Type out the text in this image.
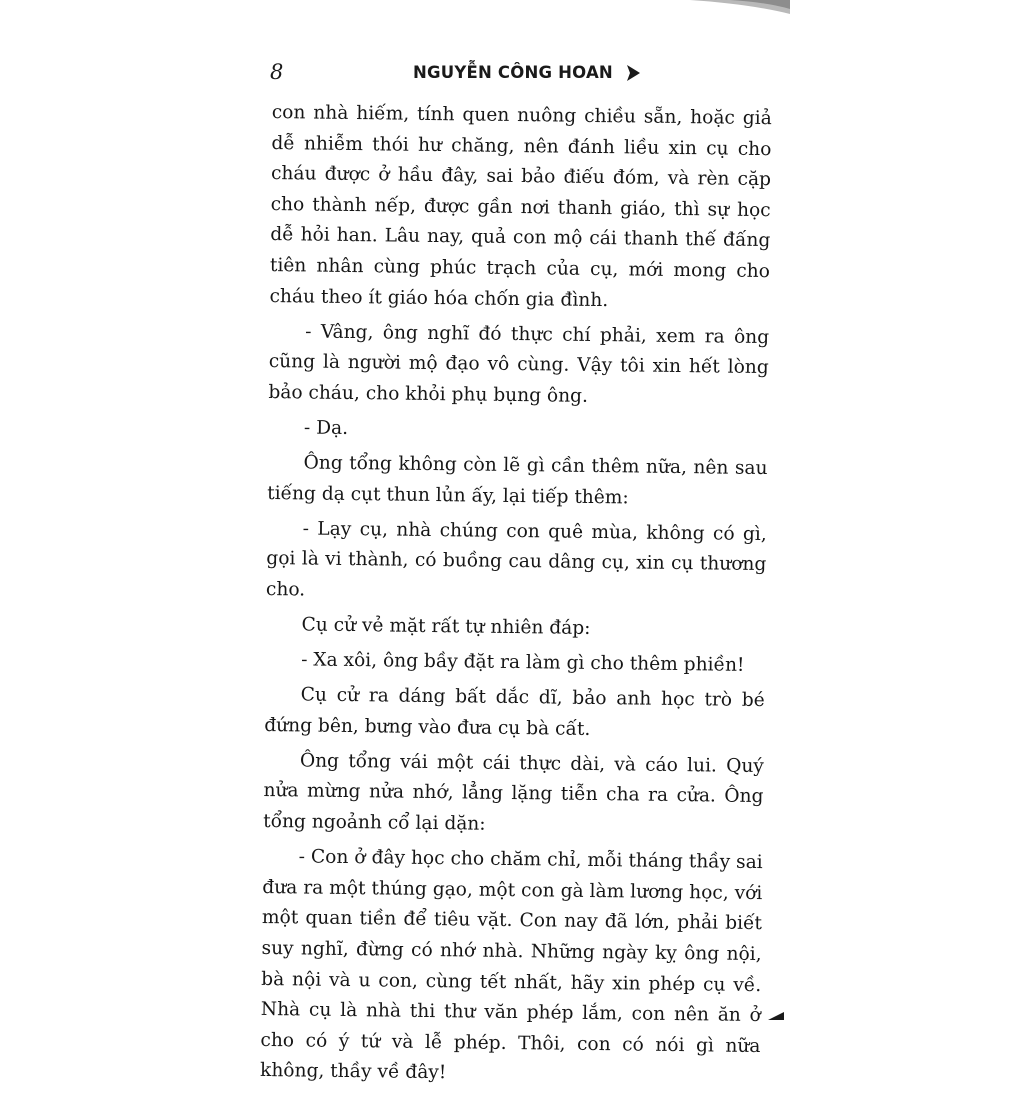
8	NGUYỄN CÔNG HOAN

con nhà hiếm, tính quen nuông chiều sẵn, hoặc giả dễ nhiễm thói hư chăng, nên đánh liều xin cụ cho cháu được ở hầu đây, sai bảo điếu đóm, và rèn cặp cho thành nếp, được gần nơi thanh giáo, thì sự học dễ hỏi han. Lâu nay, quả con mộ cái thanh thế đấng tiên nhân cùng phúc trạch của cụ, mới mong cho cháu theo ít giáo hóa chốn gia đình.

- Vâng, ông nghĩ đó thực chí phải, xem ra ông cũng là người mộ đạo vô cùng. Vậy tôi xin hết lòng bảo cháu, cho khỏi phụ bụng ông.

- Dạ.

Ông tổng không còn lẽ gì cần thêm nữa, nên sau tiếng dạ cụt thun lủn ấy, lại tiếp thêm:

- Lạy cụ, nhà chúng con quê mùa, không có gì, gọi là vi thành, có buồng cau dâng cụ, xin cụ thương cho.

Cụ cử vẻ mặt rất tự nhiên đáp:

- Xa xôi, ông bầy đặt ra làm gì cho thêm phiền!

Cụ cử ra dáng bất dắc dĩ, bảo anh học trò bé đứng bên, bưng vào đưa cụ bà cất.

Ông tổng vái một cái thực dài, và cáo lui. Quý nửa mừng nửa nhớ, lẳng lặng tiễn cha ra cửa. Ông tổng ngoảnh cổ lại dặn:

- Con ở đây học cho chăm chỉ, mỗi tháng thầy sai đưa ra một thúng gạo, một con gà làm lương học, với một quan tiền để tiêu vặt. Con nay đã lớn, phải biết suy nghĩ, đừng có nhớ nhà. Những ngày kỵ ông nội, bà nội và u con, cùng tết nhất, hãy xin phép cụ về. Nhà cụ là nhà thi thư văn phép lắm, con nên ăn ở cho có ý tứ và lễ phép. Thôi, con có nói gì nữa không, thầy về đây!
